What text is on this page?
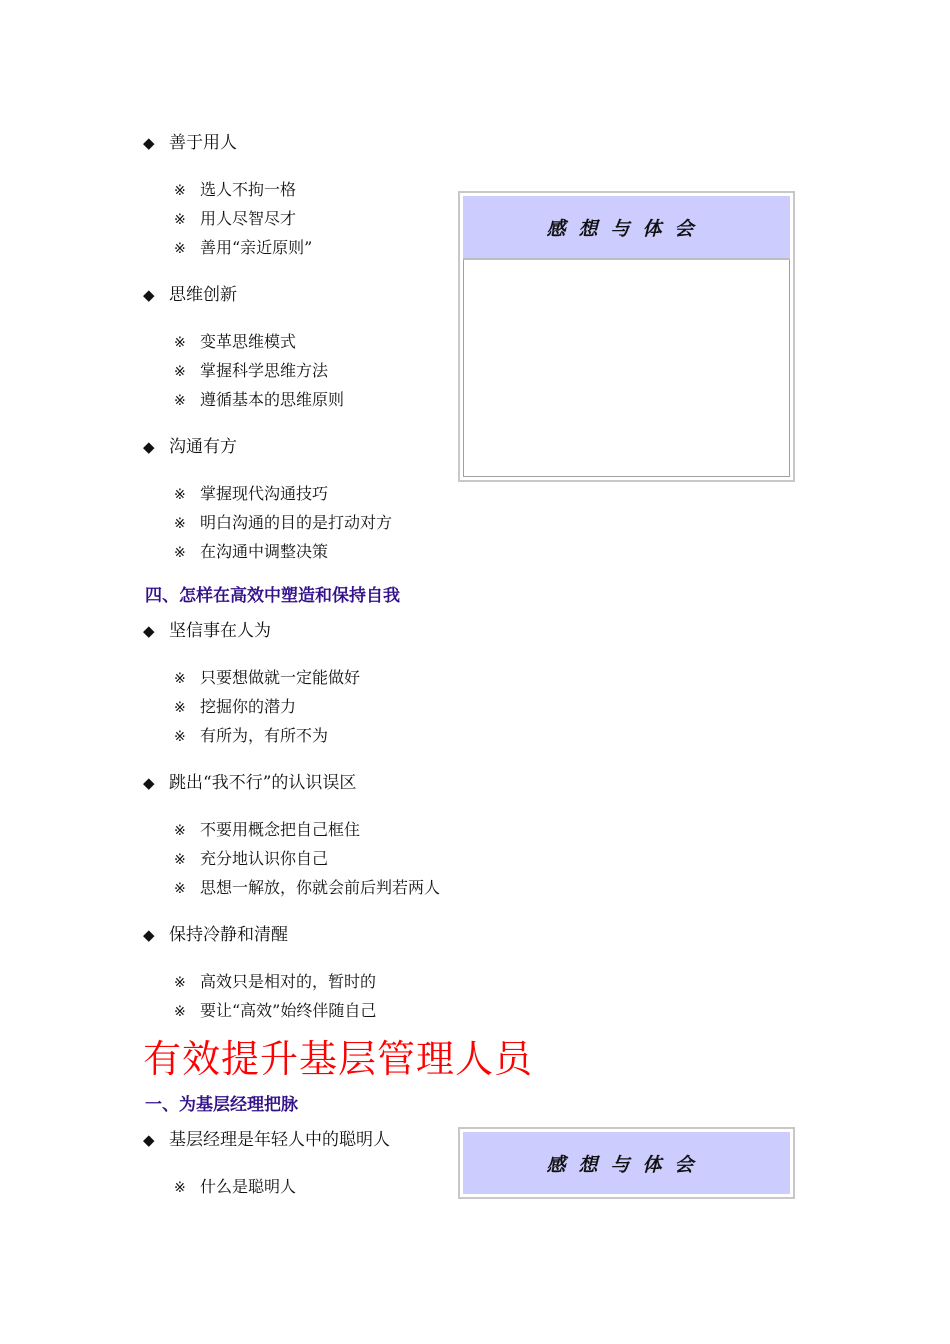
◆ 善于用人
※ 选人不拘一格
※ 用人尽智尽才
※ 善用“亲近原则”
◆ 思维创新
※ 变革思维模式
※ 掌握科学思维方法
※ 遵循基本的思维原则
◆ 沟通有方
※ 掌握现代沟通技巧
※ 明白沟通的目的是打动对方
※ 在沟通中调整决策
感想与体会
四、怎样在高效中塑造和保持自我
◆ 坚信事在人为
※ 只要想做就一定能做好
※ 挖掘你的潜力
※ 有所为，有所不为
◆ 跳出“我不行”的认识误区
※ 不要用概念把自己框住
※ 充分地认识你自己
※ 思想一解放，你就会前后判若两人
◆ 保持冷静和清醒
※ 高效只是相对的，暂时的
※ 要让“高效”始终伴随自己
有效提升基层管理人员
一、为基层经理把脉
◆ 基层经理是年轻人中的聪明人
※ 什么是聪明人
感想与体会
